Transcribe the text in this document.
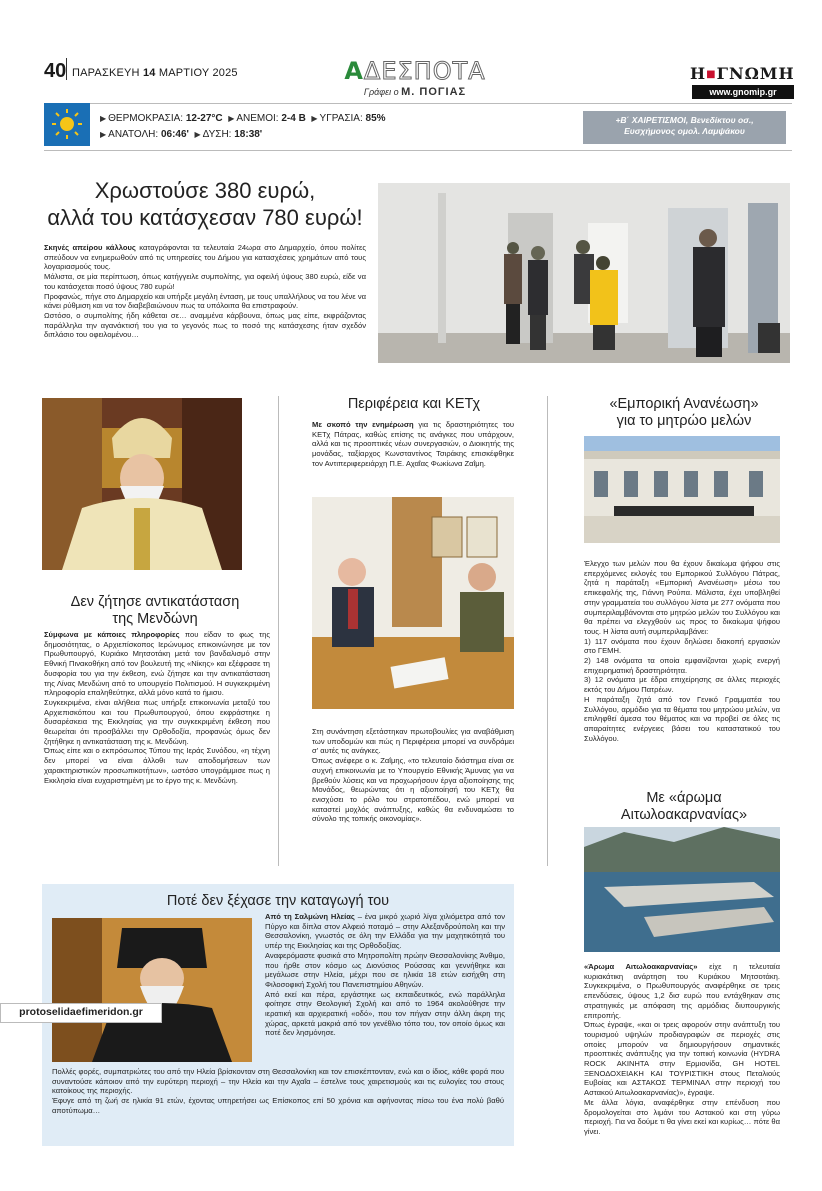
40 ΠΑΡΑΣΚΕΥΗ 14 ΜΑΡΤΙΟΥ 2025	ΑΔΕΣΠΟΤΑ
Γράφει ο Μ. ΠΟΓΙΑΣ
Η■ΓΝΩΜΗ
www.gnomip.gr
▶ ΘΕΡΜΟΚΡΑΣΙΑ: 12-27°C ▶ ΑΝΕΜΟΙ: 2-4 Β ▶ ΥΓΡΑΣΙΑ: 85%
▶ ΑΝΑΤΟΛΗ: 06:46' ▶ ΔΥΣΗ: 18:38'
+Β΄ ΧΑΙΡΕΤΙΣΜΟΙ, Βενεδίκτου οσ.,
Ευσχήμονος ομολ. Λαμψάκου
Χρωστούσε 380 ευρώ,
αλλά του κατάσχεσαν 780 ευρώ!
Σκηνές απείρου κάλλους καταγράφονται τα τελευταία 24ωρα στο Δημαρχείο, όπου πολίτες σπεύδουν να ενημερωθούν από τις υπηρεσίες του Δήμου για κατασχέσεις χρημάτων από τους λογαριασμούς τους.
Μάλιστα, σε μία περίπτωση, όπως κατήγγειλε συμπολίτης, για οφειλή ύψους 380 ευρώ, είδε να του κατάσχεται ποσό ύψους 780 ευρώ!
Προφανώς, πήγε στο Δημαρχείο και υπήρξε μεγάλη ένταση, με τους υπαλλήλους να του λένε να κάνει ρύθμιση και να τον διαβεβαιώνουν πως τα υπόλοιπα θα επιστραφούν.
Ωστόσο, ο συμπολίτης ήδη κάθεται σε… αναμμένα κάρβουνα, όπως μας είπε, εκφράζοντας παράλληλα την αγανάκτισή του για το γεγονός πως το ποσό της κατάσχεσης ήταν σχεδόν διπλάσιο του οφειλομένου…
Δεν ζήτησε αντικατάσταση
της Μενδώνη
Σύμφωνα με κάποιες πληροφορίες που είδαν το φως της δημοσιότητας, ο Αρχιεπίσκοπος Ιερώνυμος επικοινώνησε με τον Πρωθυπουργό, Κυριάκο Μητσοτάκη μετά τον βανδαλισμό στην Εθνική Πινακοθήκη από τον βουλευτή της «Νίκης» και εξέφρασε τη δυσφορία του για την έκθεση, ενώ ζήτησε και την αντικατάσταση της Λίνας Μενδώνη από το υπουργείο Πολιτισμού. Η συγκεκριμένη πληροφορία επαληθεύτηκε, αλλά μόνο κατά το ήμισυ.
Συγκεκριμένα, είναι αλήθεια πως υπήρξε επικοινωνία μεταξύ του Αρχιεπισκόπου και του Πρωθυπουργού, όπου εκφράστηκε η δυσαρέσκεια της Εκκλησίας για την συγκεκριμένη έκθεση που θεωρείται ότι προσβάλλει την Ορθοδοξία, προφανώς όμως δεν ζητήθηκε η αντικατάσταση της κ. Μενδώνη.
Όπως είπε και ο εκπρόσωπος Τύπου της Ιεράς Συνόδου, «η τέχνη δεν μπορεί να είναι άλλοθι των αποδομήσεων των χαρακτηριστικών προσωπικοτήτων», ωστόσο υπογράμμισε πως η Εκκλησία είναι ευχαριστημένη με το έργο της κ. Μενδώνη.
Περιφέρεια και ΚΕΤχ
Με σκοπό την ενημέρωση για τις δραστηριότητες του ΚΕΤχ Πάτρας, καθώς επίσης τις ανάγκες που υπάρχουν, αλλά και τις προοπτικές νέων συνεργασιών, ο Διοικητής της μονάδας, ταξίαρχος Κωνσταντίνος Τσιράκης επισκέφθηκε τον Αντιπεριφερειάρχη Π.Ε. Αχαΐας Φωκίωνα Ζαΐμη.
Στη συνάντηση εξετάστηκαν πρωτοβουλίες για αναβάθμιση των υποδομών και πώς η Περιφέρεια μπορεί να συνδράμει σ' αυτές τις ανάγκες.
Όπως ανέφερε ο κ. Ζαΐμης, «το τελευταίο διάστημα είναι σε συχνή επικοινωνία με το Υπουργείο Εθνικής Άμυνας για να βρεθούν λύσεις και να προχωρήσουν έργα αξιοποίησης της Μονάδος, θεωρώντας ότι η αξιοποίησή του ΚΕΤχ θα ενισχύσει το ρόλο του στρατοπέδου, ενώ μπορεί να καταστεί μοχλός ανάπτυξης, καθώς θα ενδυναμώσει το σύνολο της τοπικής οικονομίας».
«Εμπορική Ανανέωση»
για το μητρώο μελών
Έλεγχο των μελών που θα έχουν δικαίωμα ψήφου στις επερχόμενες εκλογές του Εμπορικού Συλλόγου Πάτρας, ζητά η παράταξη «Εμπορική Ανανέωση» μέσω του επικεφαλής της, Γιάννη Ρούπα. Μάλιστα, έχει υποβληθεί στην γραμματεία του συλλόγου λίστα με 277 ονόματα που συμπεριλαμβάνονται στο μητρώο μελών του Συλλόγου και θα πρέπει να ελεγχθούν ως προς το δικαίωμα ψήφου τους. Η λίστα αυτή συμπεριλαμβάνει:
1) 117 ονόματα που έχουν δηλώσει διακοπή εργασιών στο ΓΕΜΗ.
2) 148 ονόματα τα οποία εμφανίζονται χωρίς ενεργή επιχειρηματική δραστηριότητα.
3) 12 ονόματα με έδρα επιχείρησης σε άλλες περιοχές εκτός του Δήμου Πατρέων.
Η παράταξη ζητά από τον Γενικό Γραμματέα του Συλλόγου, αρμόδιο για τα θέματα του μητρώου μελών, να επιληφθεί άμεσα του θέματος και να προβεί σε όλες τις απαραίτητες ενέργειες βάσει του καταστατικού του Συλλόγου.
Με «άρωμα
Αιτωλοακαρνανίας»
«Άρωμα Αιτωλοακαρνανίας» είχε η τελευταία κυριακάτικη ανάρτηση του Κυριάκου Μητσοτάκη. Συγκεκριμένα, ο Πρωθυπουργός αναφέρθηκε σε τρεις επενδύσεις, ύψους 1,2 δισ ευρώ που εντάχθηκαν στις στρατηγικές με απόφαση της αρμόδιας διυπουργικής επιτροπής.
Όπως έγραψε, «και οι τρεις αφορούν στην ανάπτυξη του τουρισμού υψηλών προδιαγραφών σε περιοχές στις οποίες μπορούν να δημιουργήσουν σημαντικές προοπτικές ανάπτυξης για την τοπική κοινωνία (HYDRA ROCK ΑΚΙΝΗΤΑ στην Ερμιονίδα, GH HOTEL ΞΕΝΟΔΟΧΕΙΑΚΗ ΚΑΙ ΤΟΥΡΙΣΤΙΚΗ στους Πεταλιούς Ευβοίας και ΑΣΤΑΚΟΣ ΤΕΡΜΙΝΑΛ στην περιοχή του Αστακού Αιτωλοακαρνανίας)», έγραψε.
Με άλλα λόγια, αναφέρθηκε στην επένδυση που δρομολογείται στο λιμάνι του Αστακού και στη γύρω περιοχή. Για να δούμε τι θα γίνει εκεί και κυρίως… πότε θα γίνει.
Ποτέ δεν ξέχασε την καταγωγή του
Από τη Σαλμώνη Ηλείας – ένα μικρό χωριό λίγα χιλιόμετρα από τον Πύργο και δίπλα στον Αλφειό ποταμό – στην Αλεξανδρούπολη και την Θεσσαλονίκη, γνωστός σε όλη την Ελλάδα για την μαχητικότητά του υπέρ της Εκκλησίας και της Ορθοδοξίας.
Αναφερόμαστε φυσικά στο Μητροπολίτη πρώην Θεσσαλονίκης Άνθιμο, που ήρθε στον κόσμο ως Διονύσιος Ρούσσας και γεννήθηκε και μεγάλωσε στην Ηλεία, μέχρι που σε ηλικία 18 ετών εισήχθη στη Φιλοσοφική Σχολή του Πανεπιστημίου Αθηνών.
Από εκεί και πέρα, εργάστηκε ως εκπαιδευτικός, ενώ παράλληλα φοίτησε στην Θεολογική Σχολή και από το 1964 ακολούθησε την ιερατική και αρχιερατική «οδό», που τον πήγαν στην άλλη άκρη της χώρας, αρκετά μακριά από τον γενέθλιο τόπο του, τον οποίο όμως και ποτέ δεν λησμόνησε.
Πολλές φορές, συμπατριώτες του από την Ηλεία βρίσκονταν στη Θεσσαλονίκη και τον επισκέπτονταν, ενώ και ο ίδιος, κάθε φορά που συναντούσε κάποιον από την ευρύτερη περιοχή – την Ηλεία και την Αχαΐα – έστελνε τους χαιρετισμούς και τις ευλογίες του στους κατοίκους της περιοχής.
Έφυγε από τη ζωή σε ηλικία 91 ετών, έχοντας υπηρετήσει ως Επίσκοπος επί 50 χρόνια και αφήνοντας πίσω του ένα πολύ βαθύ αποτύπωμα…
protoselidaefimeridon.gr
